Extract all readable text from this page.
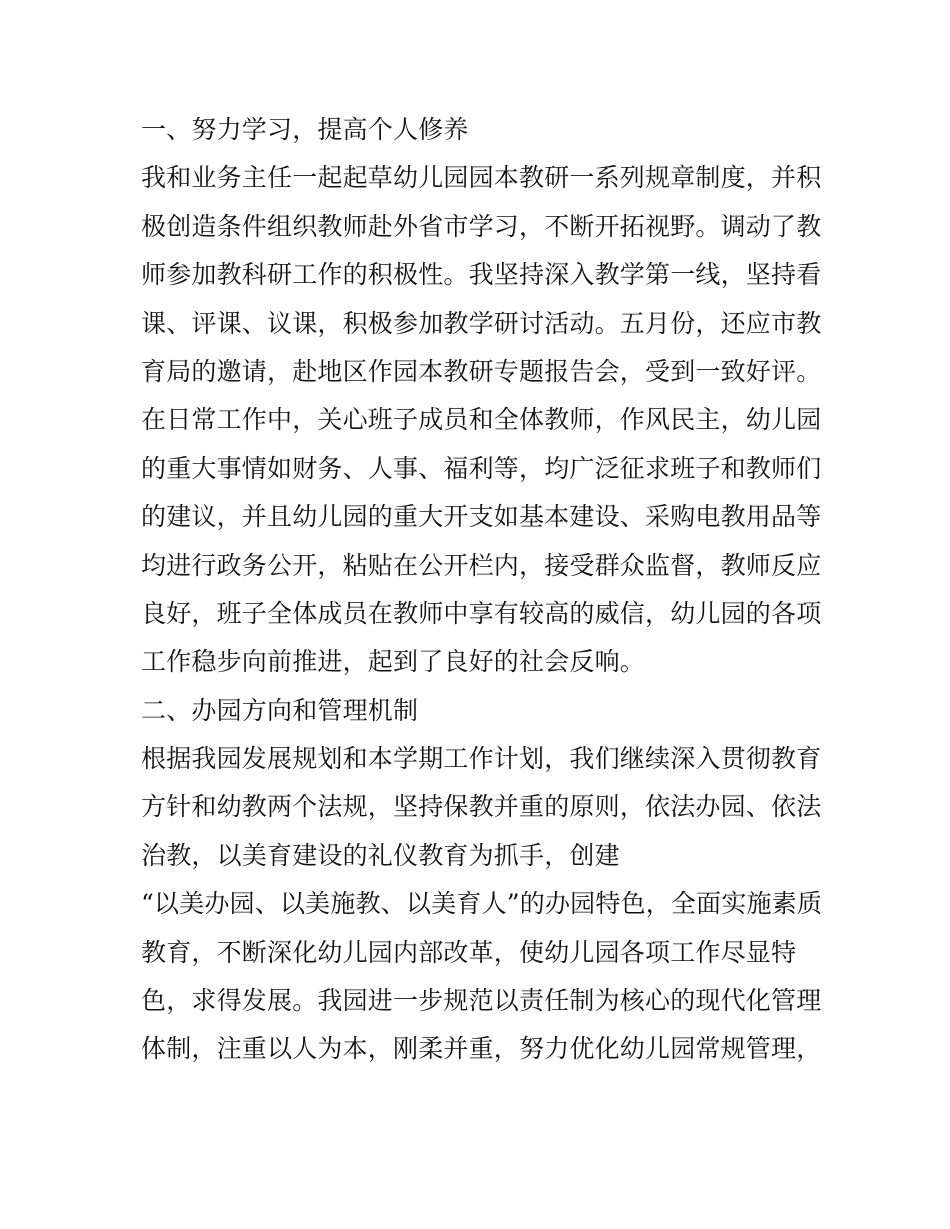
一、努力学习，提高个人修养
我和业务主任一起起草幼儿园园本教研一系列规章制度，并积
极创造条件组织教师赴外省市学习，不断开拓视野。调动了教
师参加教科研工作的积极性。我坚持深入教学第一线，坚持看
课、评课、议课，积极参加教学研讨活动。五月份，还应市教
育局的邀请，赴地区作园本教研专题报告会，受到一致好评。
在日常工作中，关心班子成员和全体教师，作风民主，幼儿园
的重大事情如财务、人事、福利等，均广泛征求班子和教师们
的建议，并且幼儿园的重大开支如基本建设、采购电教用品等
均进行政务公开，粘贴在公开栏内，接受群众监督，教师反应
良好，班子全体成员在教师中享有较高的威信，幼儿园的各项
工作稳步向前推进，起到了良好的社会反响。
二、办园方向和管理机制
根据我园发展规划和本学期工作计划，我们继续深入贯彻教育
方针和幼教两个法规，坚持保教并重的原则，依法办园、依法
治教，以美育建设的礼仪教育为抓手，创建
“以美办园、以美施教、以美育人”的办园特色，全面实施素质
教育，不断深化幼儿园内部改革，使幼儿园各项工作尽显特
色，求得发展。我园进一步规范以责任制为核心的现代化管理
体制，注重以人为本，刚柔并重，努力优化幼儿园常规管理，
